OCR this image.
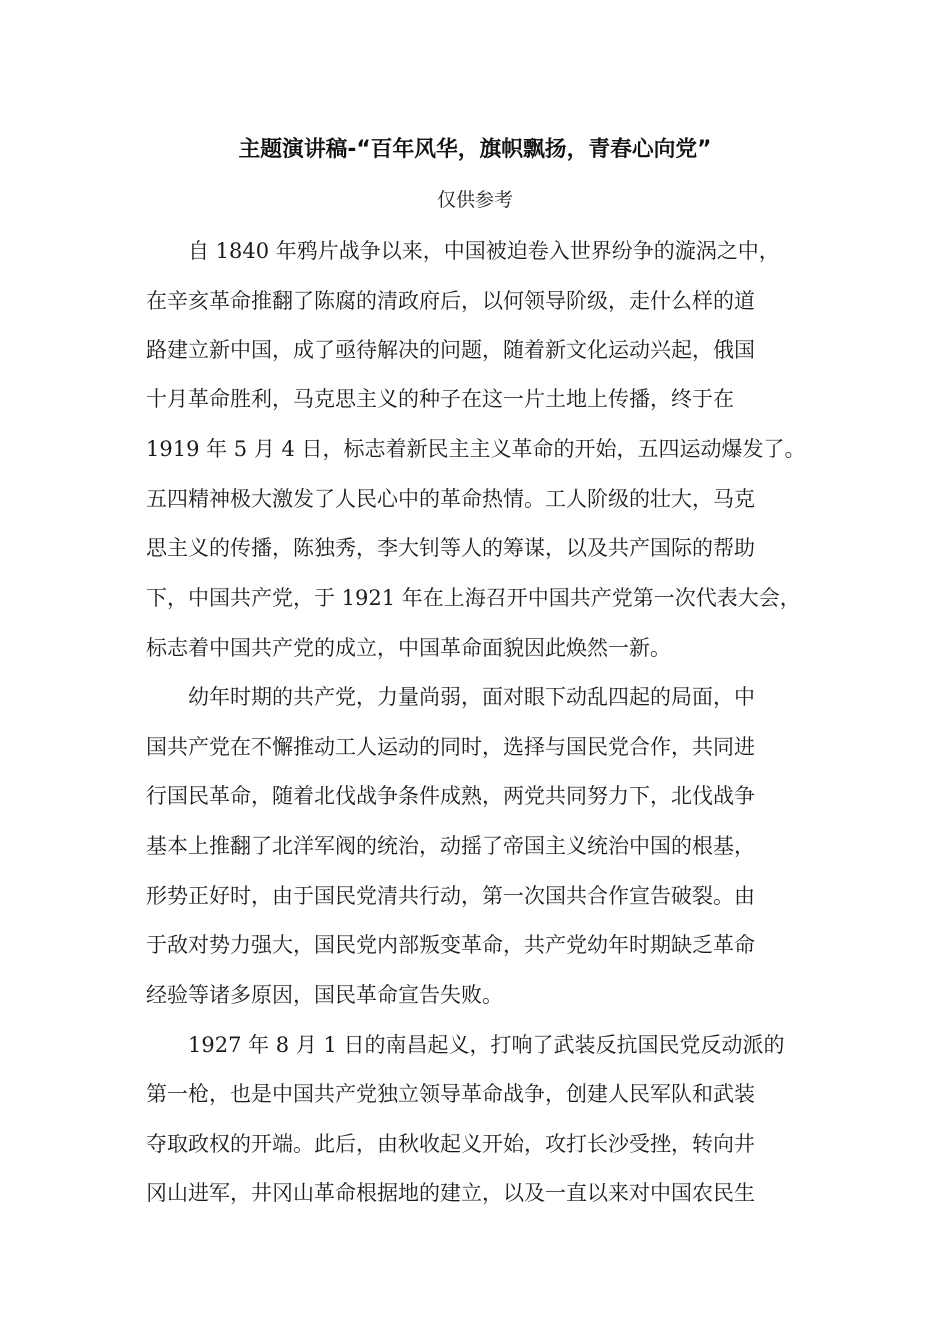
主题演讲稿-“百年风华，旗帜飘扬，青春心向党”
仅供参考
　　自 1840 年鸦片战争以来，中国被迫卷入世界纷争的漩涡之中，
在辛亥革命推翻了陈腐的清政府后，以何领导阶级，走什么样的道
路建立新中国，成了亟待解决的问题，随着新文化运动兴起，俄国
十月革命胜利，马克思主义的种子在这一片土地上传播，终于在
1919 年 5 月 4 日，标志着新民主主义革命的开始，五四运动爆发了。
五四精神极大激发了人民心中的革命热情。工人阶级的壮大，马克
思主义的传播，陈独秀，李大钊等人的筹谋，以及共产国际的帮助
下，中国共产党，于 1921 年在上海召开中国共产党第一次代表大会，
标志着中国共产党的成立，中国革命面貌因此焕然一新。
　　幼年时期的共产党，力量尚弱，面对眼下动乱四起的局面，中
国共产党在不懈推动工人运动的同时，选择与国民党合作，共同进
行国民革命，随着北伐战争条件成熟，两党共同努力下，北伐战争
基本上推翻了北洋军阀的统治，动摇了帝国主义统治中国的根基，
形势正好时，由于国民党清共行动，第一次国共合作宣告破裂。由
于敌对势力强大，国民党内部叛变革命，共产党幼年时期缺乏革命
经验等诸多原因，国民革命宣告失败。
　　1927 年 8 月 1 日的南昌起义，打响了武装反抗国民党反动派的
第一枪，也是中国共产党独立领导革命战争，创建人民军队和武装
夺取政权的开端。此后，由秋收起义开始，攻打长沙受挫，转向井
冈山进军，井冈山革命根据地的建立，以及一直以来对中国农民生
